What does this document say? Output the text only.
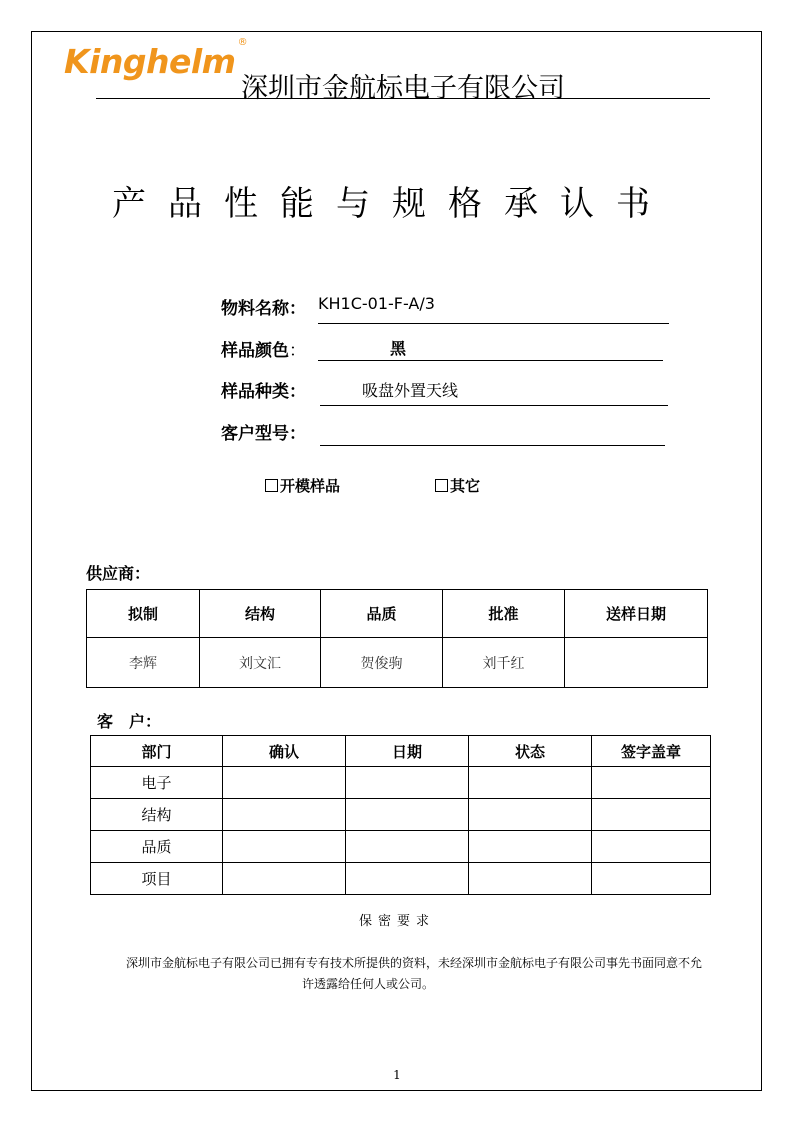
Kinghelm ®
深圳市金航标电子有限公司
产品性能与规格承认书
物料名称： KH1C-01-F-A/3
样品颜色：	黑
样品种类：	吸盘外置天线
客户型号：
开模样品	其它
供应商：
拟制	结构	品质	批准	送样日期
李辉	刘文汇	贺俊驹	刘千红	
客　户：
部门	确认	日期	状态	签字盖章
电子				
结构				
品质				
项目				
保密要求
深圳市金航标电子有限公司已拥有专有技术所提供的资料，未经深圳市金航标电子有限公司事先书面同意不允
许透露给任何人或公司。
1
